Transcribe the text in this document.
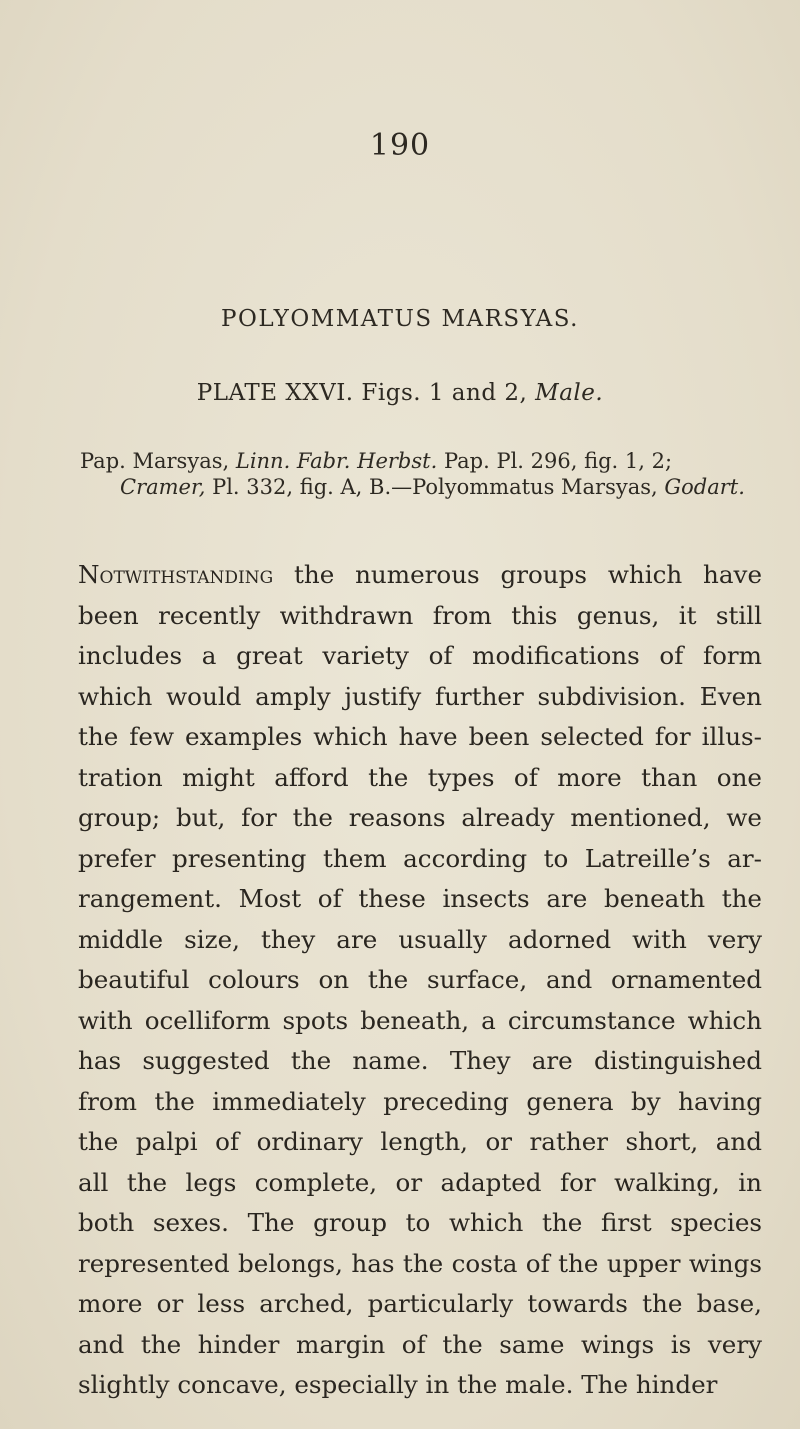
190
POLYOMMATUS MARSYAS.
PLATE XXVI. Figs. 1 and 2, Male.
Pap. Marsyas, Linn. Fabr. Herbst. Pap. Pl. 296, fig. 1, 2;
Cramer, Pl. 332, fig. A, B.—Polyommatus Marsyas, Godart.
Notwithstanding the numerous groups which have
been recently withdrawn from this genus, it still
includes a great variety of modifications of form
which would amply justify further subdivision. Even
the few examples which have been selected for illus-
tration might afford the types of more than one
group; but, for the reasons already mentioned, we
prefer presenting them according to Latreille’s ar-
rangement. Most of these insects are beneath the
middle size, they are usually adorned with very
beautiful colours on the surface, and ornamented
with ocelliform spots beneath, a circumstance which
has suggested the name. They are distinguished
from the immediately preceding genera by having
the palpi of ordinary length, or rather short, and
all the legs complete, or adapted for walking, in
both sexes. The group to which the first species
represented belongs, has the costa of the upper wings
more or less arched, particularly towards the base,
and the hinder margin of the same wings is very
slightly concave, especially in the male. The hinder
